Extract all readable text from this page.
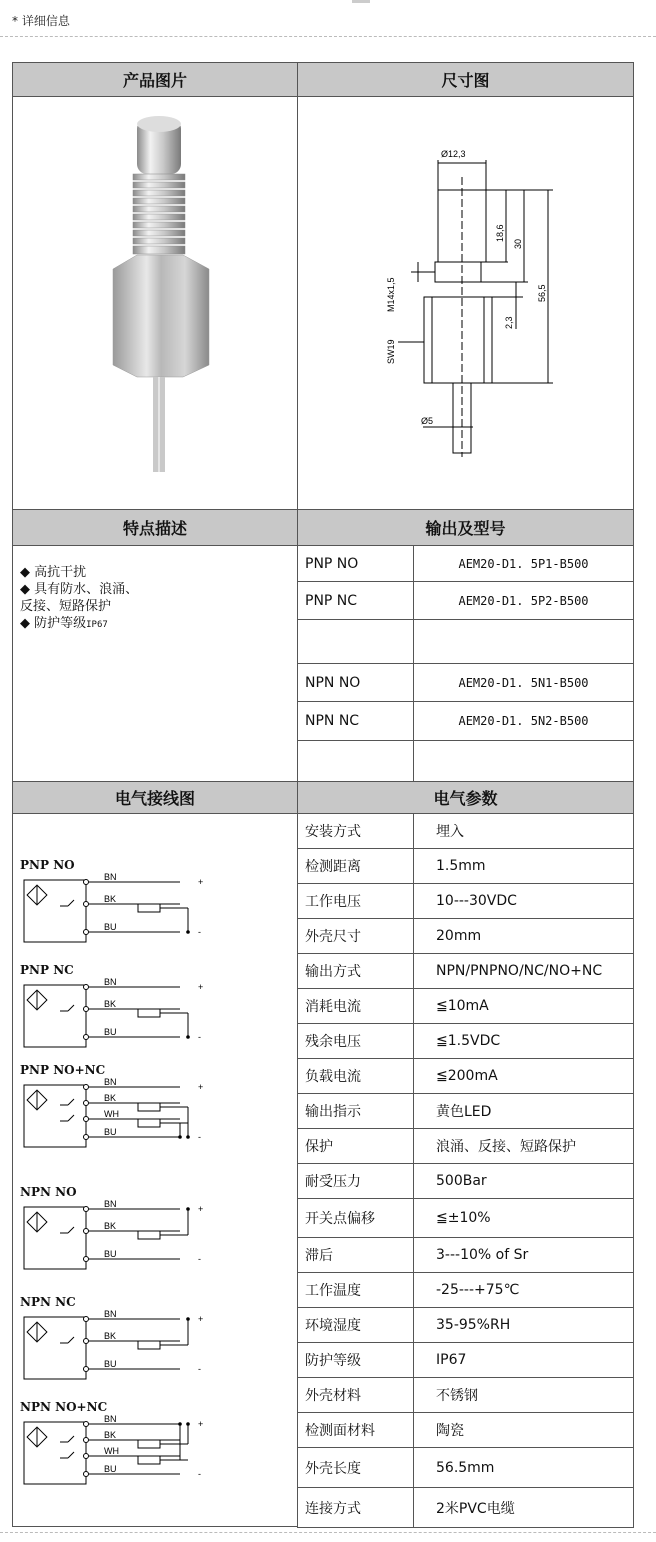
* 详细信息
产品图片	尺寸图
Ø12,3
18,6
30
56,5
M14x1,5
2,3
SW19
Ø5
特点描述	输出及型号
◆ 高抗干扰
◆ 具有防水、浪涌、
反接、短路保护
◆ 防护等级IP67
PNP NO	AEM20-D1. 5P1-B500
PNP NC	AEM20-D1. 5P2-B500
NPN NO	AEM20-D1. 5N1-B500
NPN NC	AEM20-D1. 5N2-B500
电气接线图	电气参数
PNP NO
BN
BK
BU
+
-
PNP NC
BN
BK
BU
+
-
PNP NO+NC
BN
BK
WH
BU
+
-
NPN NO
BN
BK
BU
+
-
NPN NC
BN
BK
BU
+
-
NPN NO+NC
BN
BK
WH
BU
+
-
安装方式	埋入
检测距离	1.5mm
工作电压	10---30VDC
外壳尺寸	20mm
输出方式	NPN/PNPNO/NC/NO+NC
消耗电流	≦10mA
残余电压	≦1.5VDC
负载电流	≦200mA
输出指示	黄色LED
保护	浪涌、反接、短路保护
耐受压力	500Bar
开关点偏移	≦±10%
滞后	3---10% of Sr
工作温度	-25---+75℃
环境湿度	35-95%RH
防护等级	IP67
外壳材料	不锈钢
检测面材料	陶瓷
外壳长度	56.5mm
连接方式	2米PVC电缆
